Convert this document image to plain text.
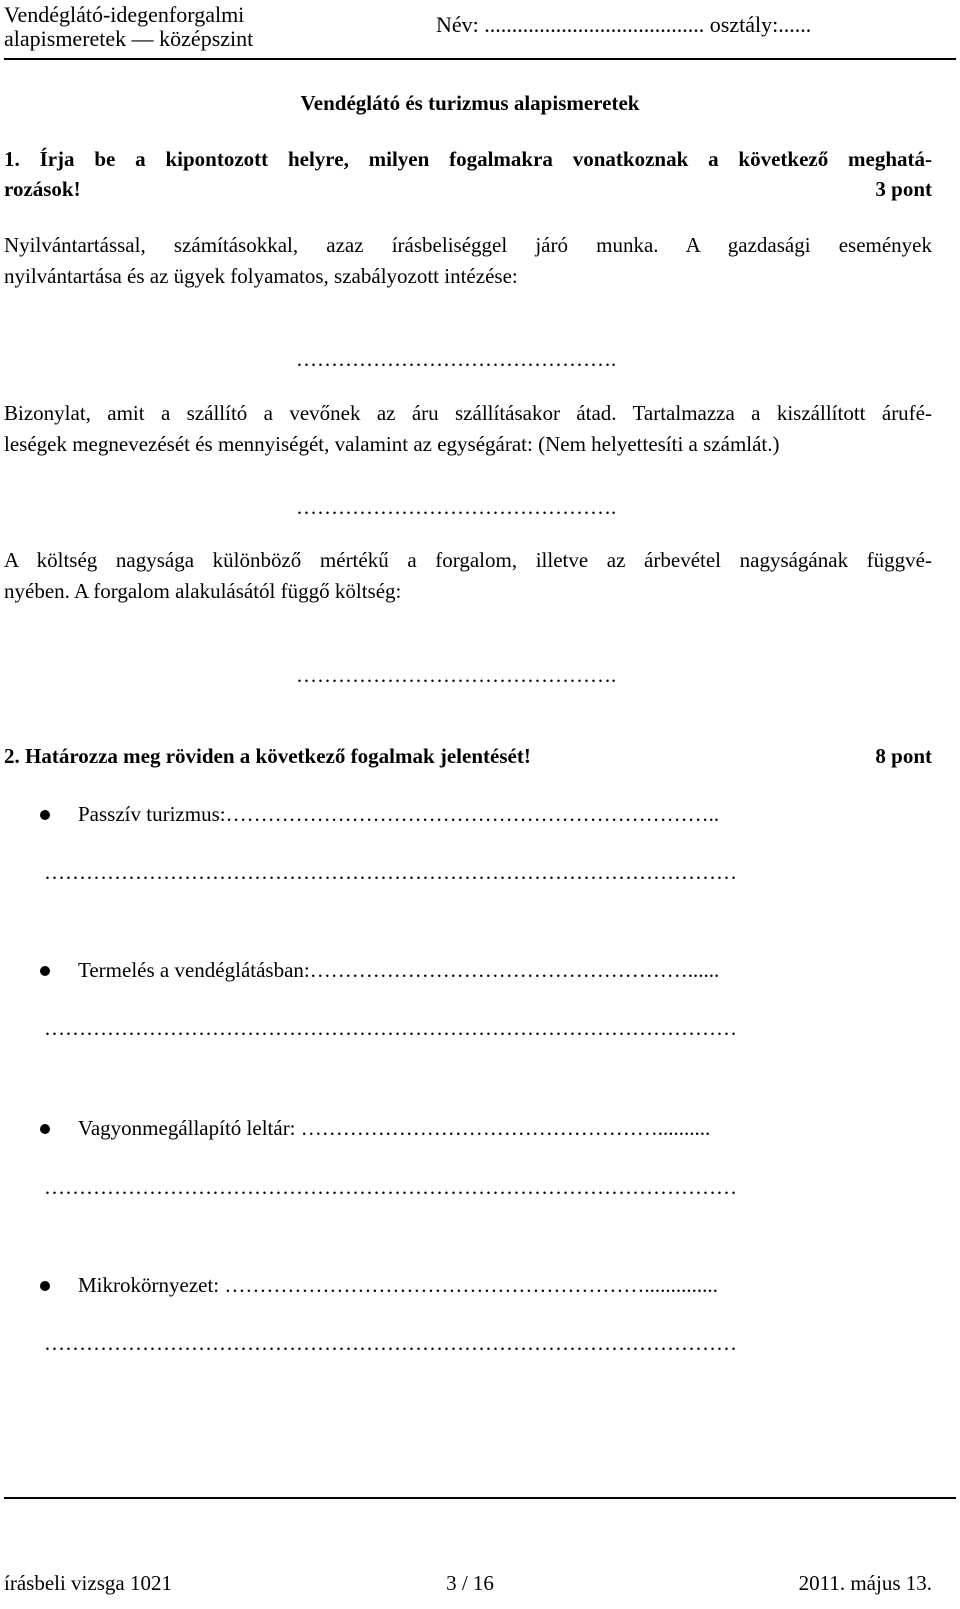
Vendéglátó-idegenforgalmi
alapismeretek — középszint
Név: ........................................ osztály:......
Vendéglátó és turizmus alapismeretek
1. Írja be a kipontozott helyre, milyen fogalmakra vonatkoznak a következő meghatá-
rozások!	3 pont
Nyilvántartással, számításokkal, azaz írásbeliséggel járó munka. A gazdasági események
nyilvántartása és az ügyek folyamatos, szabályozott intézése:
……………………………………….
Bizonylat, amit a szállító a vevőnek az áru szállításakor átad. Tartalmazza a kiszállított árufé-
leségek megnevezését és mennyiségét, valamint az egységárat: (Nem helyettesíti a számlát.)
……………………………………….
A költség nagysága különböző mértékű a forgalom, illetve az árbevétel nagyságának függvé-
nyében. A forgalom alakulásától függő költség:
……………………………………….
2. Határozza meg röviden a következő fogalmak jelentését!	8 pont
Passzív turizmus:……………………………………………………………..
………………………………………………………………………………………
Termelés a vendéglátásban:………………………………………………......
………………………………………………………………………………………
Vagyonmegállapító leltár: ……………………………………………..........
………………………………………………………………………………………
Mikrokörnyezet: ……………………………………………………..............
………………………………………………………………………………………
írásbeli vizsga 1021	3 / 16	2011. május 13.
